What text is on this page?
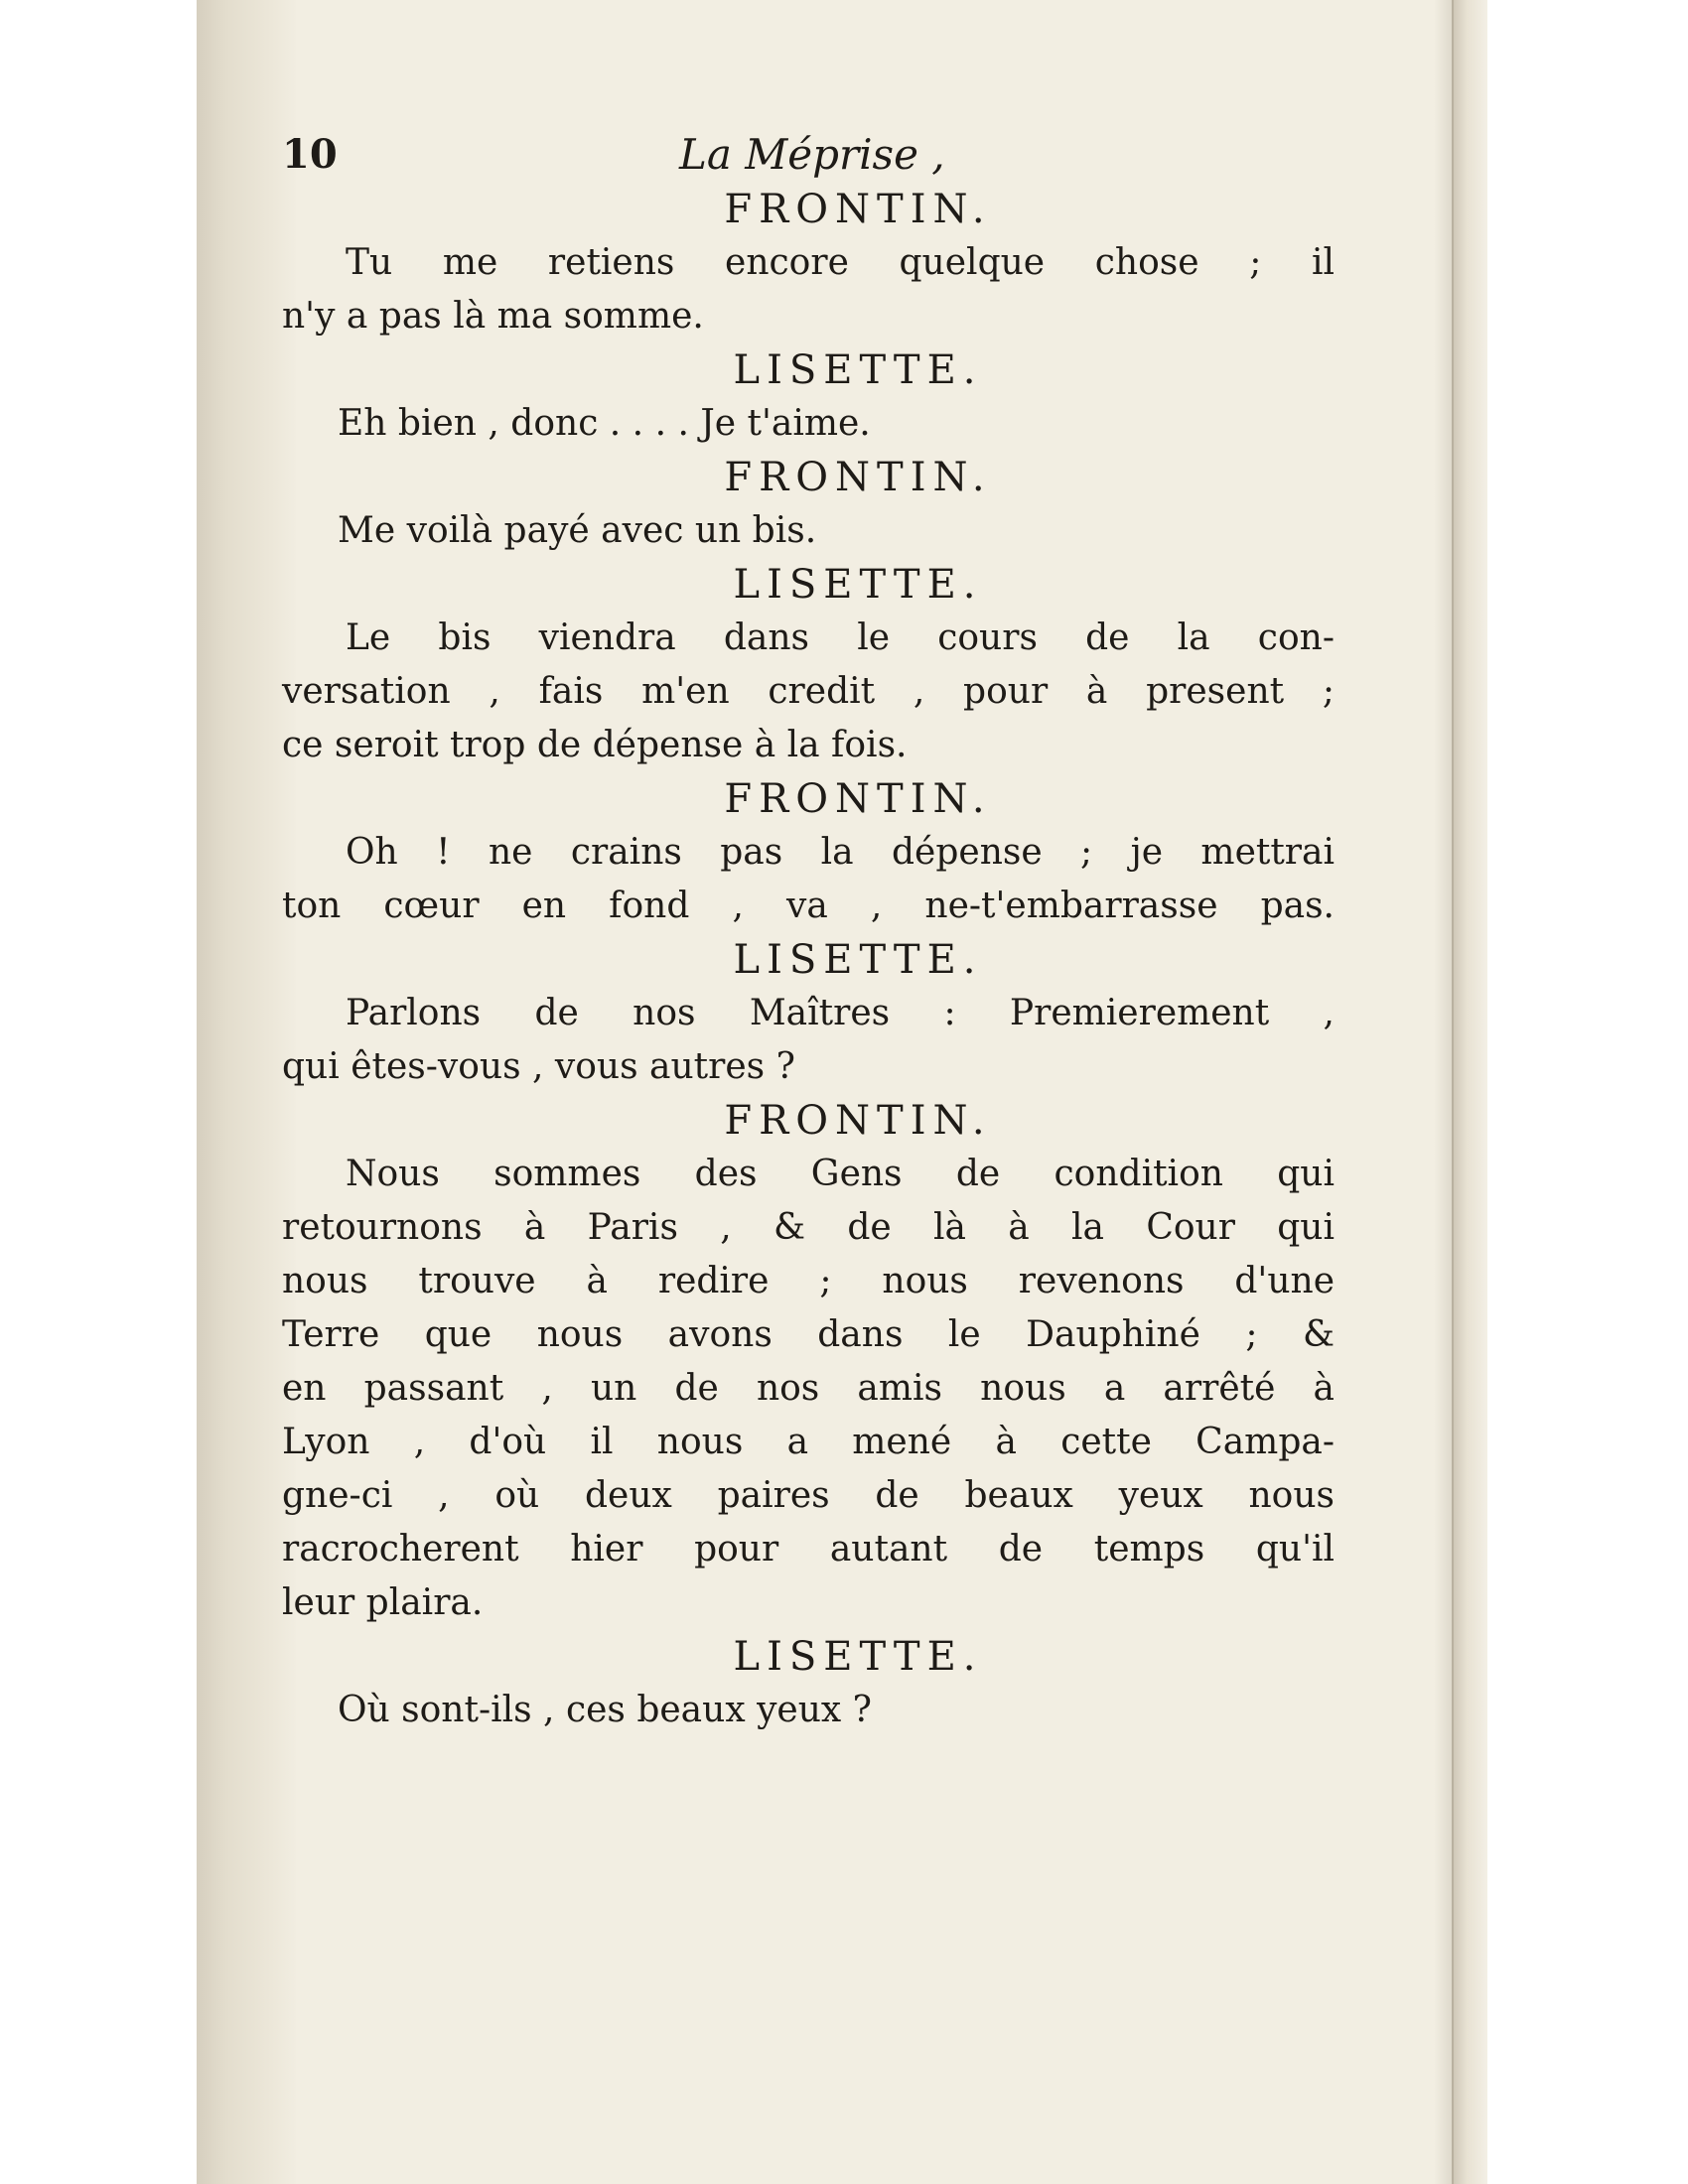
10	La Méprise ,
FRONTIN.
Tu me retiens encore quelque chose ; il
n'y a pas là ma somme.
LISETTE.
Eh bien , donc . . . . Je t'aime.
FRONTIN.
Me voilà payé avec un bis.
LISETTE.
Le bis viendra dans le cours de la con-
versation , fais m'en credit , pour à present ;
ce seroit trop de dépense à la fois.
FRONTIN.
Oh ! ne crains pas la dépense ; je mettrai
ton cœur en fond , va , ne-t'embarrasse pas.
LISETTE.
Parlons de nos Maîtres : Premierement ,
qui êtes-vous , vous autres ?
FRONTIN.
Nous sommes des Gens de condition qui
retournons à Paris , & de là à la Cour qui
nous trouve à redire ; nous revenons d'une
Terre que nous avons dans le Dauphiné ; &
en passant , un de nos amis nous a arrêté à
Lyon , d'où il nous a mené à cette Campa-
gne-ci , où deux paires de beaux yeux nous
racrocherent hier pour autant de temps qu'il
leur plaira.
LISETTE.
Où sont-ils , ces beaux yeux ?
